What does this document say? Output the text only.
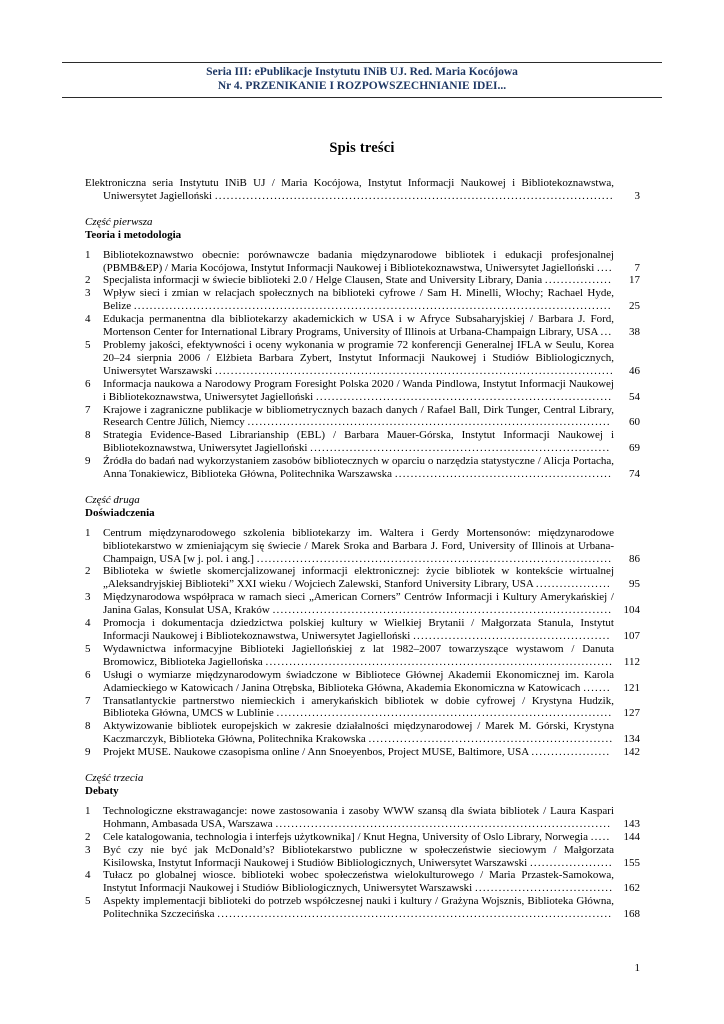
Seria III: ePublikacje Instytutu INiB UJ. Red. Maria Kocójowa
Nr 4. PRZENIKANIE I ROZPOWSZECHNIANIE IDEI...
Spis treści
Elektroniczna seria Instytutu INiB UJ / Maria Kocójowa, Instytut Informacji Naukowej i Bibliotekoznawstwa, Uniwersytet Jagielloński .....................................................................................................	3
Część pierwsza
Teoria i metodologia
1	Bibliotekoznawstwo obecnie: porównawcze badania międzynarodowe bibliotek i edukacji profesjonalnej (PBMB&EP) / Maria Kocójowa, Instytut Informacji Naukowej i Bibliotekoznawstwa, Uniwersytet Jagielloński ....	7
2	Specjalista informacji w świecie biblioteki 2.0 / Helge Clausen, State and University Library, Dania .................	17
3	Wpływ sieci i zmian w relacjach społecznych na biblioteki cyfrowe / Sam H. Minelli, Włochy; Rachael Hyde, Belize .........................................................................................................................	25
4	Edukacja permanentna dla bibliotekarzy akademickich w USA i w Afryce Subsaharyjskiej / Barbara J. Ford, Mortenson Center for International Library Programs, University of Illinois at Urbana-Champaign Library, USA ...	38
5	Problemy jakości, efektywności i oceny wykonania w programie 72 konferencji Generalnej IFLA w Seulu, Korea 20–24 sierpnia 2006 / Elżbieta Barbara Zybert, Instytut Informacji Naukowej i Studiów Bibliologicznych, Uniwersytet Warszawski .....................................................................................................	46
6	Informacja naukowa a Narodowy Program Foresight Polska 2020 / Wanda Pindlowa, Instytut Informacji Naukowej i Bibliotekoznawstwa, Uniwersytet Jagielloński ...........................................................................	54
7	Krajowe i zagraniczne publikacje w bibliometrycznych bazach danych / Rafael Ball, Dirk Tunger, Central Library, Research Centre Jülich, Niemcy ............................................................................................	60
8	Strategia Evidence-Based Librarianship (EBL) / Barbara Mauer-Górska, Instytut Informacji Naukowej i Bibliotekoznawstwa, Uniwersytet Jagielloński ............................................................................	69
9	Źródła do badań nad wykorzystaniem zasobów bibliotecznych w oparciu o narzędzia statystyczne / Alicja Portacha, Anna Tonakiewicz, Biblioteka Główna, Politechnika Warszawska .......................................................	74
Część druga
Doświadczenia
1	Centrum międzynarodowego szkolenia bibliotekarzy im. Waltera i Gerdy Mortensonów: międzynarodowe bibliotekarstwo w zmieniającym się świecie / Marek Sroka and Barbara J. Ford, University of Illinois at Urbana-Champaign, USA [w j. pol. i ang.] ..........................................................................................	86
2	Biblioteka w świetle skomercjalizowanej informacji elektronicznej: życie bibliotek w kontekście wirtualnej „Aleksandryjskiej Biblioteki” XXI wieku / Wojciech Zalewski, Stanford University Library, USA ...................	95
3	Międzynarodowa współpraca w ramach sieci „American Corners” Centrów Informacji i Kultury Amerykańskiej / Janina Galas, Konsulat USA, Kraków ......................................................................................	104
4	Promocja i dokumentacja dziedzictwa polskiej kultury w Wielkiej Brytanii / Małgorzata Stanula, Instytut Informacji Naukowej i Bibliotekoznawstwa, Uniwersytet Jagielloński ..................................................	107
5	Wydawnictwa informacyjne Biblioteki Jagiellońskiej z lat 1982–2007 towarzyszące wystawom / Danuta Bromowicz, Biblioteka Jagiellońska ........................................................................................ 112
6	Usługi o wymiarze międzynarodowym świadczone w Bibliotece Głównej Akademii Ekonomicznej im. Karola Adamieckiego w Katowicach / Janina Otrębska, Biblioteka Główna, Akademia Ekonomiczna w Katowicach .......	121
7	Transatlantyckie partnerstwo niemieckich i amerykańskich bibliotek w dobie cyfrowej / Krystyna Hudzik, Biblioteka Główna, UMCS w Lublinie .....................................................................................	127
8	Aktywizowanie bibliotek europejskich w zakresie działalności międzynarodowej / Marek M. Górski, Krystyna Kaczmarczyk, Biblioteka Główna, Politechnika Krakowska .............................................................. 134
9	Projekt MUSE. Naukowe czasopisma online / Ann Snoeyenbos, Project MUSE, Baltimore, USA ....................	142
Część trzecia
Debaty
1	Technologiczne ekstrawagancje: nowe zastosowania i zasoby WWW szansą dla świata bibliotek / Laura Kaspari Hohmann, Ambasada USA, Warszawa .....................................................................................	143
2	Cele katalogowania, technologia i interfejs użytkownika] / Knut Hegna, University of Oslo Library, Norwegia .....	144
3	Być czy nie być jak McDonald’s? Bibliotekarstwo publiczne w społeczeństwie sieciowym / Małgorzata Kisilowska, Instytut Informacji Naukowej i Studiów Bibliologicznych, Uniwersytet Warszawski ..................... 155
4	Tułacz po globalnej wiosce. biblioteki wobec społeczeństwa wielokulturowego / Maria Przastek-Samokowa, Instytut Informacji Naukowej i Studiów Bibliologicznych, Uniwersytet Warszawski ................................... 162
5	Aspekty implementacji biblioteki do potrzeb współczesnej nauki i kultury / Grażyna Wojsznis, Biblioteka Główna, Politechnika Szczecińska ....................................................................................................	168
1
